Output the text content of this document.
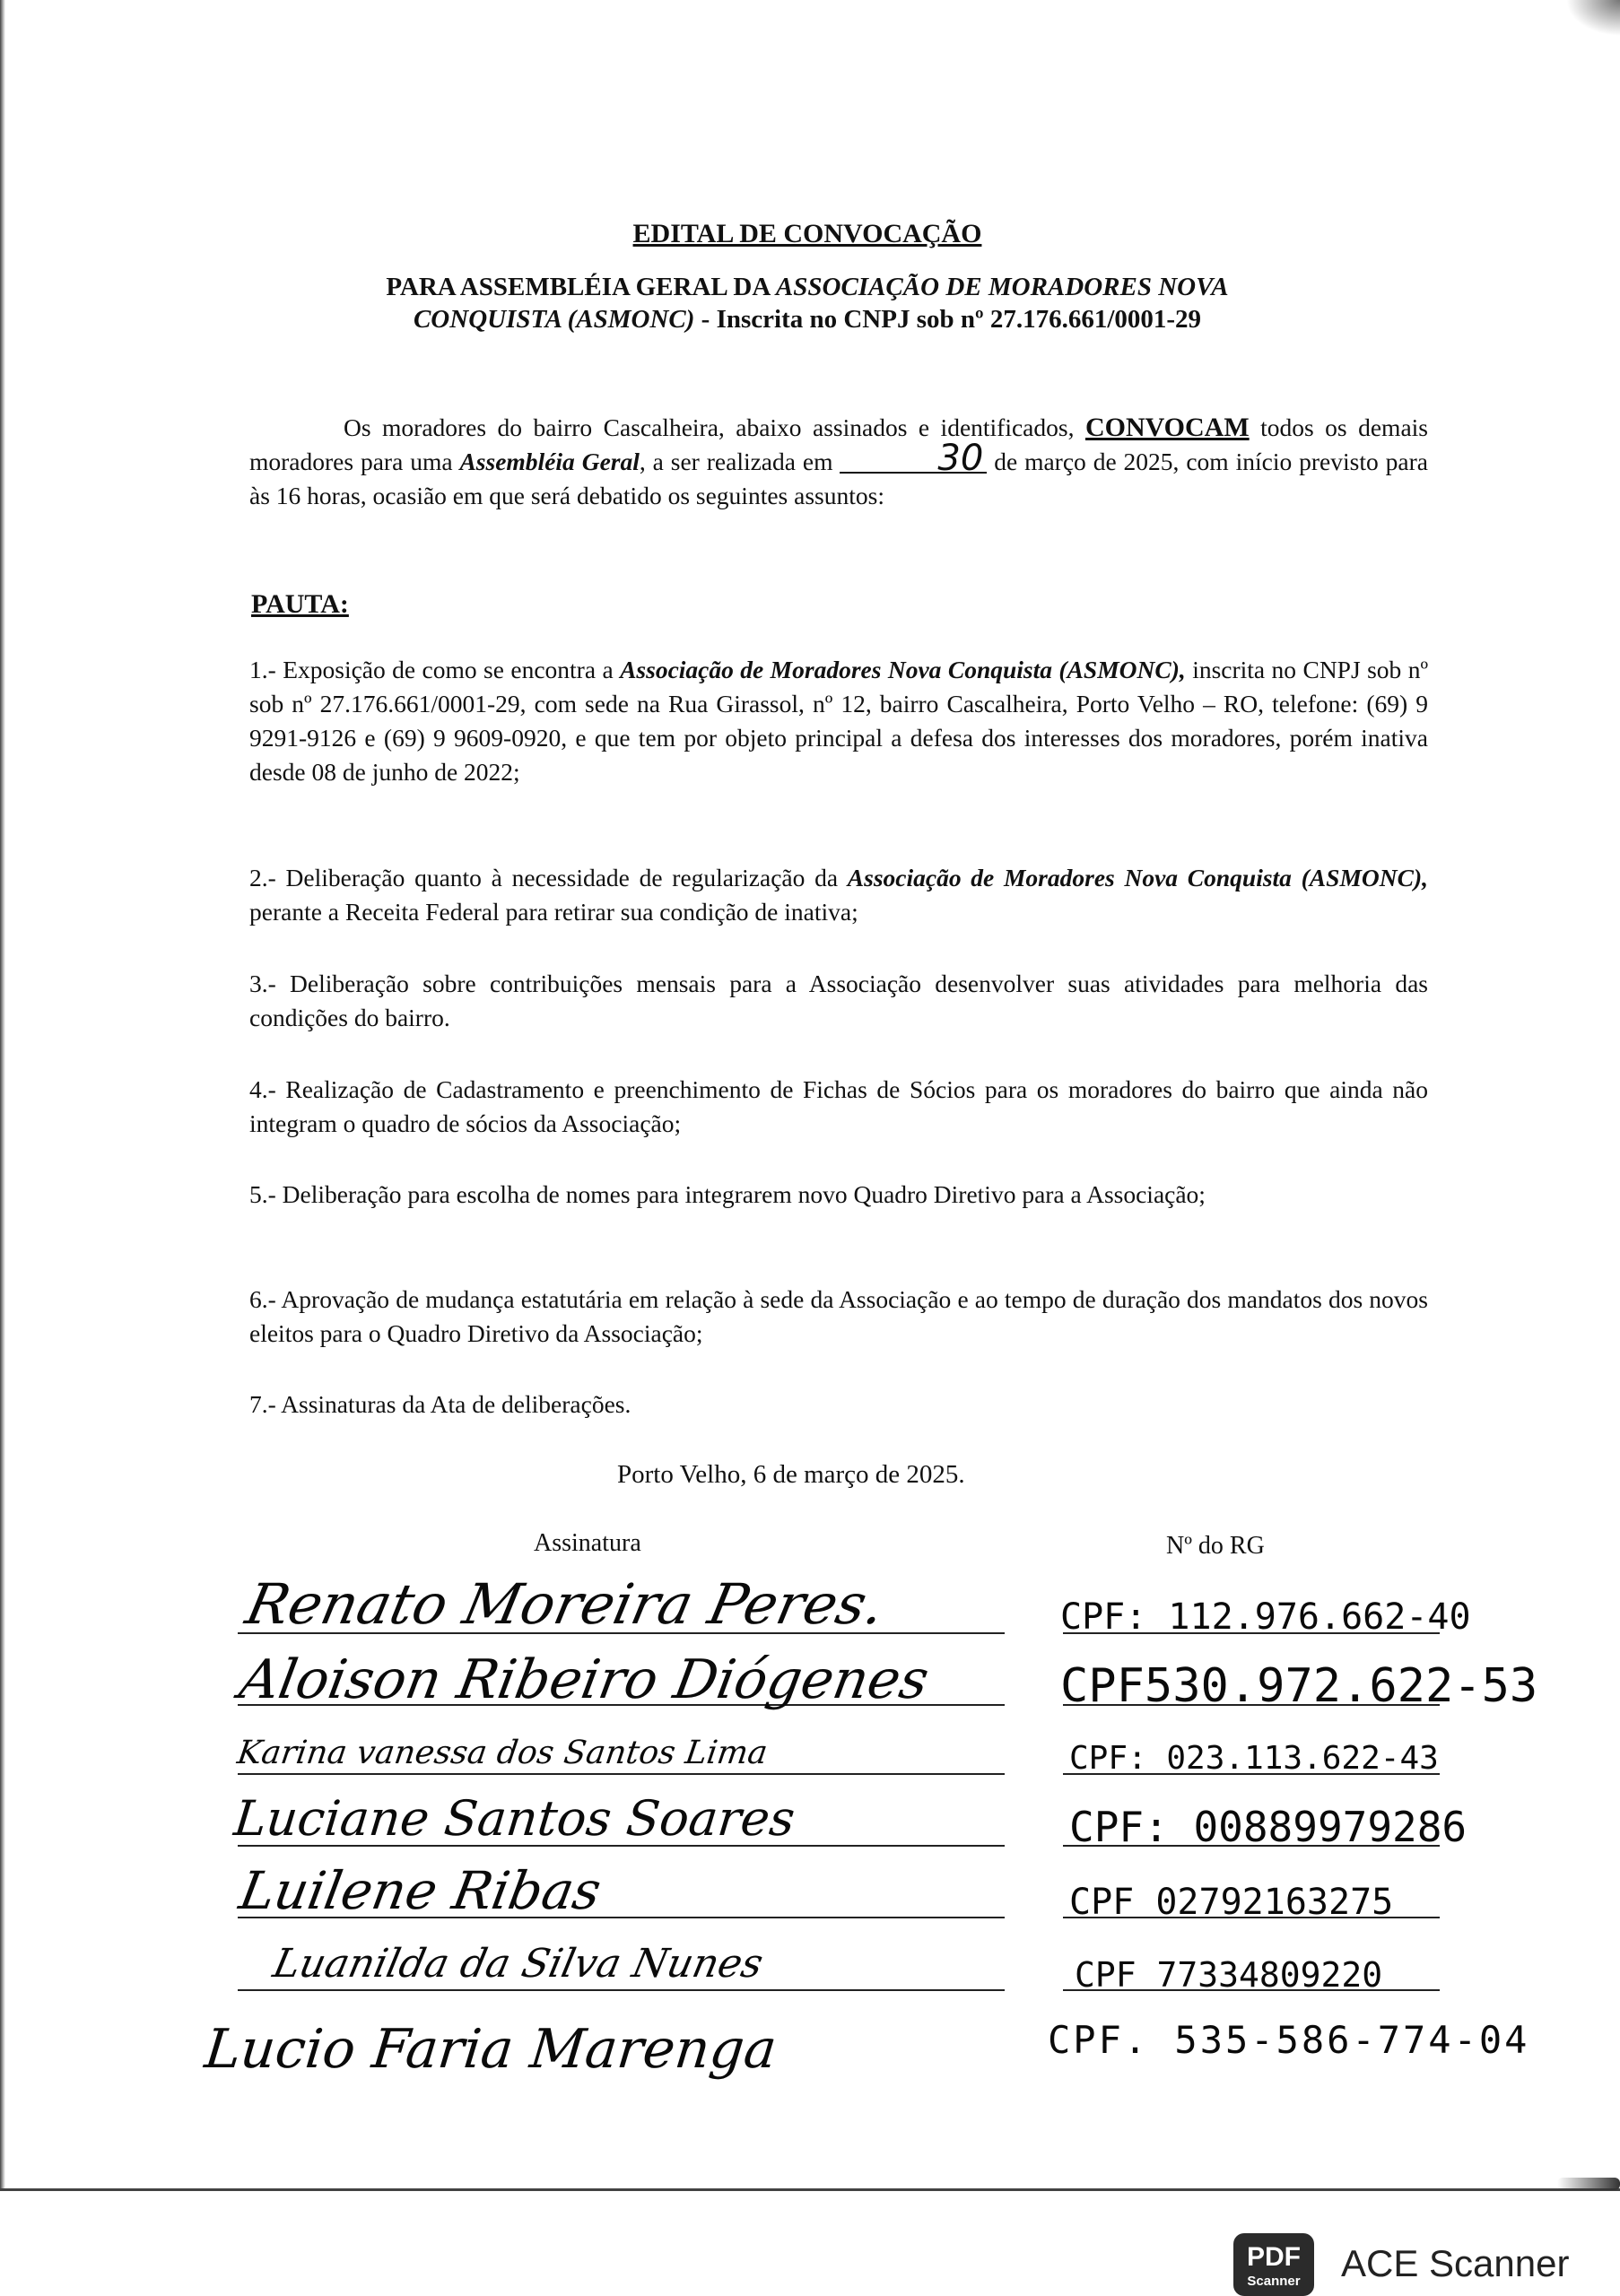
EDITAL DE CONVOCAÇÃO

PARA ASSEMBLÉIA GERAL DA ASSOCIAÇÃO DE MORADORES NOVA
CONQUISTA (ASMONC) - Inscrita no CNPJ sob nº 27.176.661/0001-29

Os moradores do bairro Cascalheira, abaixo assinados e identificados, CONVOCAM todos os demais moradores para uma Assembléia Geral, a ser realizada em	30 de março de 2025, com início previsto para às 16 horas, ocasião em que será debatido os seguintes assuntos:

PAUTA:

1.- Exposição de como se encontra a Associação de Moradores Nova Conquista (ASMONC), inscrita no CNPJ sob nº sob nº 27.176.661/0001-29, com sede na Rua Girassol, nº 12, bairro Cascalheira, Porto Velho – RO, telefone: (69) 9 9291-9126 e (69) 9 9609-0920, e que tem por objeto principal a defesa dos interesses dos moradores, porém inativa desde 08 de junho de 2022;

2.- Deliberação quanto à necessidade de regularização da Associação de Moradores Nova Conquista (ASMONC), perante a Receita Federal para retirar sua condição de inativa;

3.- Deliberação sobre contribuições mensais para a Associação desenvolver suas atividades para melhoria das condições do bairro.

4.- Realização de Cadastramento e preenchimento de Fichas de Sócios para os moradores do bairro que ainda não integram o quadro de sócios da Associação;

5.- Deliberação para escolha de nomes para integrarem novo Quadro Diretivo para a Associação;

6.- Aprovação de mudança estatutária em relação à sede da Associação e ao tempo de duração dos mandatos dos novos eleitos para o Quadro Diretivo da Associação;

7.- Assinaturas da Ata de deliberações.

Porto Velho, 6 de março de 2025.

Assinatura	Nº do RG

Renato Moreira Peres.
Aloison Ribeiro Diógenes
Karina vanessa dos Santos Lima
Luciane Santos Soares
Luilene Ribas
Luanilda da Silva Nunes
Lucio Faria Marenga
CPF: 112.976.662-40
CPF530.972.622-53
CPF: 023.113.622-43
CPF: 00889979286
CPF 02792163275
CPF 77334809220
CPF. 535-586-774-04
PDF
Scanner ACE Scanner
